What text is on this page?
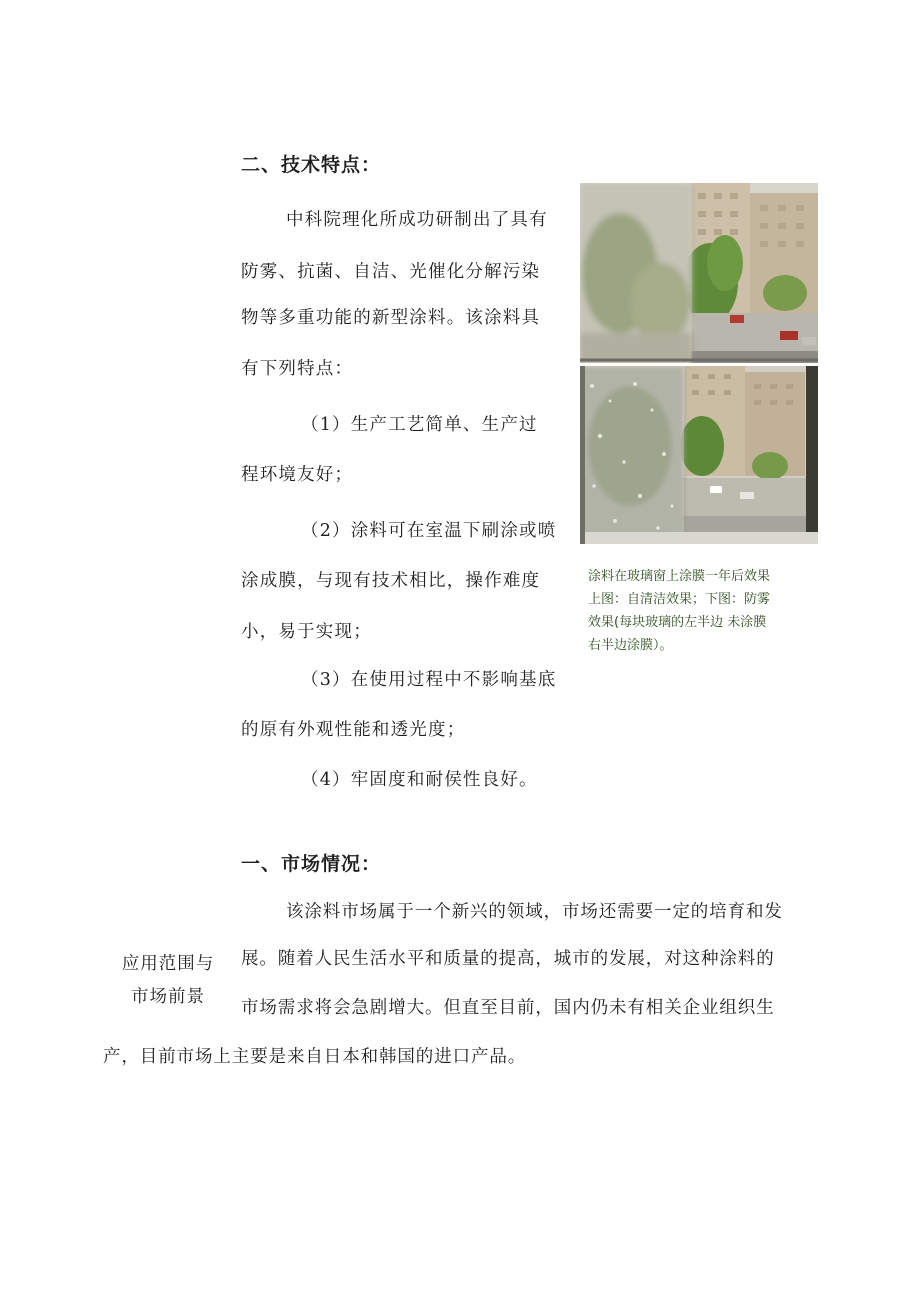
二、技术特点：
中科院理化所成功研制出了具有
防雾、抗菌、自洁、光催化分解污染
物等多重功能的新型涂料。该涂料具
有下列特点：
（1）生产工艺简单、生产过
程环境友好；
（2）涂料可在室温下刷涂或喷
涂成膜，与现有技术相比，操作难度
小，易于实现；
（3）在使用过程中不影响基底
的原有外观性能和透光度；
（4）牢固度和耐侯性良好。
涂料在玻璃窗上涂膜一年后效果
上图：自清洁效果；下图：防雾
效果(每块玻璃的左半边 未涂膜
右半边涂膜）。
一、市场情况：
该涂料市场属于一个新兴的领域，市场还需要一定的培育和发
展。随着人民生活水平和质量的提高，城市的发展，对这种涂料的
市场需求将会急剧增大。但直至目前，国内仍未有相关企业组织生
产，目前市场上主要是来自日本和韩国的进口产品。
应用范围与
市场前景
